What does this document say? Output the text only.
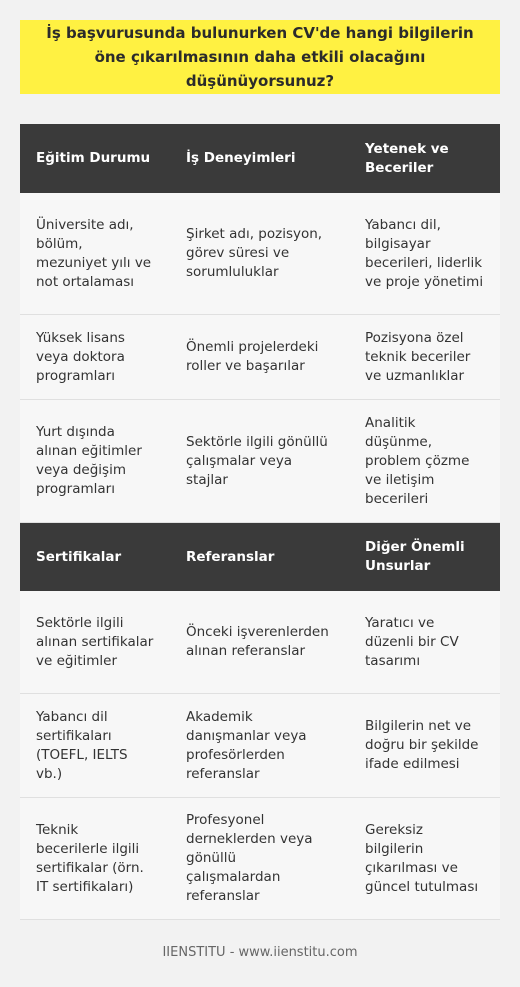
İş başvurusunda bulunurken CV'de hangi bilgilerin öne çıkarılmasının daha etkili olacağını düşünüyorsunuz?
Eğitim Durumu	İş Deneyimleri
Yetenek ve Beceriler
Üniversite adı, bölüm, mezuniyet yılı ve not ortalaması
Şirket adı, pozisyon, görev süresi ve sorumluluklar
Yabancı dil, bilgisayar becerileri, liderlik ve proje yönetimi
Yüksek lisans veya doktora programları
Önemli projelerdeki roller ve başarılar
Pozisyona özel teknik beceriler ve uzmanlıklar
Yurt dışında alınan eğitimler veya değişim programları
Sektörle ilgili gönüllü çalışmalar veya stajlar
Analitik düşünme, problem çözme ve iletişim becerileri
Sertifikalar	Referanslar
Diğer Önemli Unsurlar
Sektörle ilgili alınan sertifikalar ve eğitimler
Önceki işverenlerden alınan referanslar
Yaratıcı ve düzenli bir CV tasarımı
Yabancı dil sertifikaları (TOEFL, IELTS vb.)
Akademik danışmanlar veya profesörlerden referanslar
Bilgilerin net ve doğru bir şekilde ifade edilmesi
Teknik becerilerle ilgili sertifikalar (örn. IT sertifikaları)
Profesyonel derneklerden veya gönüllü çalışmalardan referanslar
Gereksiz bilgilerin çıkarılması ve güncel tutulması
IIENSTITU - www.iienstitu.com
